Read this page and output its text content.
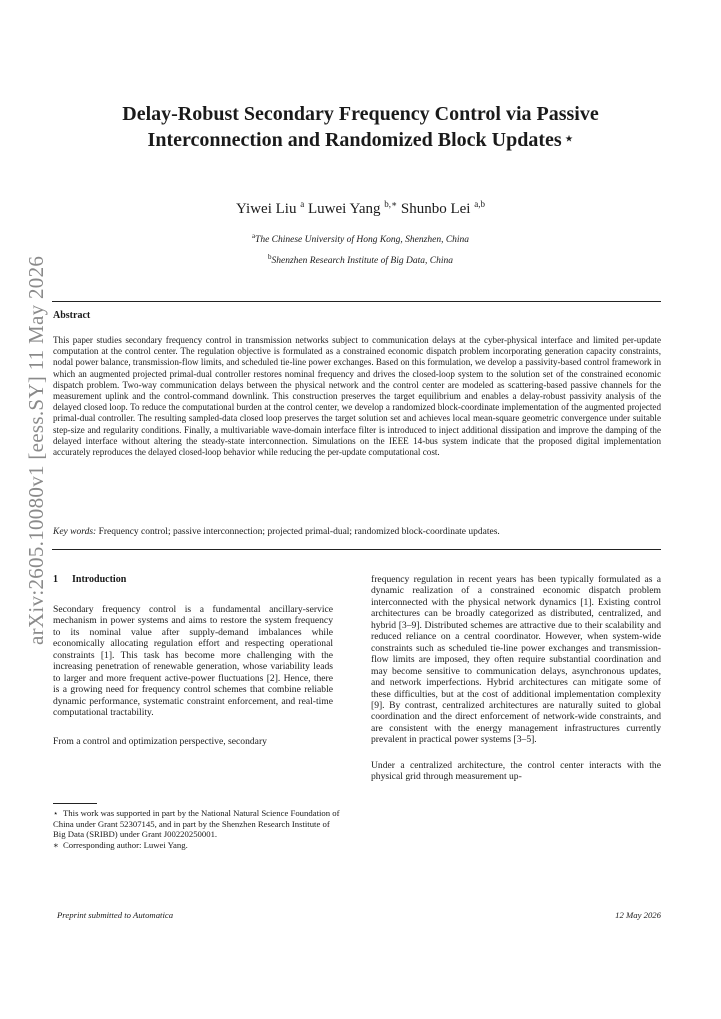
arXiv:2605.10080v1 [eess.SY] 11 May 2026
Delay-Robust Secondary Frequency Control via Passive
Interconnection and Randomized Block Updates ⋆
Yiwei Liu $^a$ Luwei Yang $^{b,∗}$ Shunbo Lei $^{a,b}$
$^a$The Chinese University of Hong Kong, Shenzhen, China
$^b$Shenzhen Research Institute of Big Data, China
Abstract
This paper studies secondary frequency control in transmission networks subject to communication delays at the cyber-physical interface and limited per-update computation at the control center. The regulation objective is formulated as a constrained economic dispatch problem incorporating generation capacity constraints, nodal power balance, transmission-flow limits, and scheduled tie-line power exchanges. Based on this formulation, we develop a passivity-based control framework in which an augmented projected primal-dual controller restores nominal frequency and drives the closed-loop system to the solution set of the constrained economic dispatch problem. Two-way communication delays between the physical network and the control center are modeled as scattering-based passive channels for the measurement uplink and the control-command downlink. This construction preserves the target equilibrium and enables a delay-robust passivity analysis of the delayed closed loop. To reduce the computational burden at the control center, we develop a randomized block-coordinate implementation of the augmented projected primal-dual controller. The resulting sampled-data closed loop preserves the target solution set and achieves local mean-square geometric convergence under suitable step-size and regularity conditions. Finally, a multivariable wave-domain interface filter is introduced to inject additional dissipation and improve the damping of the delayed interface without altering the steady-state interconnection. Simulations on the IEEE 14-bus system indicate that the proposed digital implementation accurately reproduces the delayed closed-loop behavior while reducing the per-update computational cost.
Key words: Frequency control; passive interconnection; projected primal-dual; randomized block-coordinate updates.
1 Introduction

Secondary frequency control is a fundamental ancillary-service mechanism in power systems and aims to restore the system frequency to its nominal value after supply-demand imbalances while economically allocating regulation effort and respecting operational constraints [1]. This task has become more challenging with the increasing penetration of renewable generation, whose variability leads to larger and more frequent active-power fluctuations [2]. Hence, there is a growing need for frequency control schemes that combine reliable dynamic performance, systematic constraint enforcement, and real-time computational tractability.

From a control and optimization perspective, secondary

⋆ This work was supported in part by the National Natural Science Foundation of China under Grant 52307145, and in part by the Shenzhen Research Institute of Big Data (SRIBD) under Grant J00220250001.

∗ Corresponding author: Luwei Yang.

frequency regulation in recent years has been typically formulated as a dynamic realization of a constrained economic dispatch problem interconnected with the physical network dynamics [1]. Existing control architectures can be broadly categorized as distributed, centralized, and hybrid [3–9]. Distributed schemes are attractive due to their scalability and reduced reliance on a central coordinator. However, when system-wide constraints such as scheduled tie-line power exchanges and transmission-flow limits are imposed, they often require substantial coordination and may become sensitive to communication delays, asynchronous updates, and network imperfections. Hybrid architectures can mitigate some of these difficulties, but at the cost of additional implementation complexity [9]. By contrast, centralized architectures are naturally suited to global coordination and the direct enforcement of network-wide constraints, and are consistent with the energy management infrastructures currently prevalent in practical power systems [3–5].

Under a centralized architecture, the control center interacts with the physical grid through measurement up-

Preprint submitted to Automatica	12 May 2026
